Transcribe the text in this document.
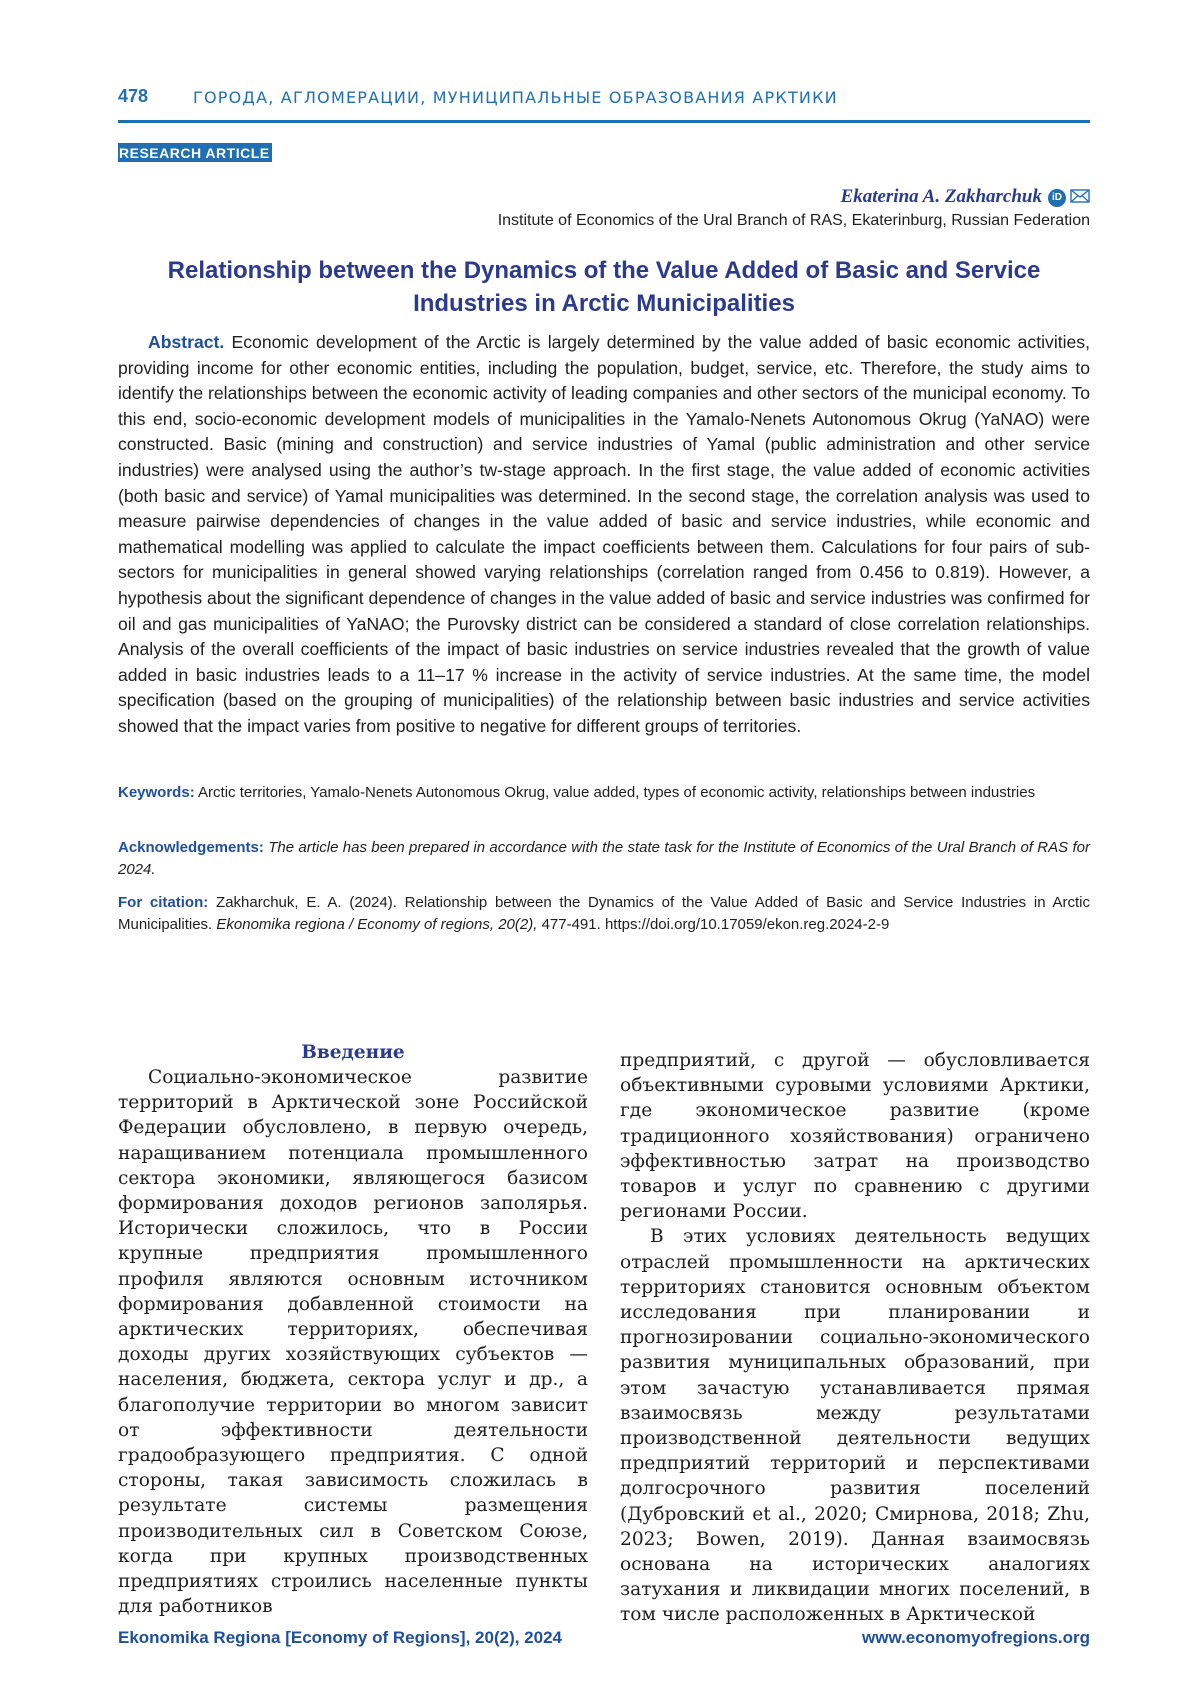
478	ГОРОДА, АГЛОМЕРАЦИИ, МУНИЦИПАЛЬНЫЕ ОБРАЗОВАНИЯ АРКТИКИ
RESEARCH ARTICLE
Ekaterina A. Zakharchuk iD
Institute of Economics of the Ural Branch of RAS, Ekaterinburg, Russian Federation
Relationship between the Dynamics of the Value Added of Basic and Service Industries in Arctic Municipalities

Abstract. Economic development of the Arctic is largely determined by the value added of basic economic activities, providing income for other economic entities, including the population, budget, service, etc. Therefore, the study aims to identify the relationships between the economic activity of leading companies and other sectors of the municipal economy. To this end, socio-economic development models of municipalities in the Yamalo-Nenets Autonomous Okrug (YaNAO) were constructed. Basic (mining and construction) and service industries of Yamal (public administration and other service industries) were analysed using the author’s tw-stage approach. In the first stage, the value added of economic activities (both basic and service) of Yamal municipalities was determined. In the second stage, the correlation analysis was used to measure pairwise dependencies of changes in the value added of basic and service industries, while economic and mathematical modelling was applied to calculate the impact coefficients between them. Calculations for four pairs of sub-sectors for municipalities in general showed varying relationships (correlation ranged from 0.456 to 0.819). However, a hypothesis about the significant dependence of changes in the value added of basic and service industries was confirmed for oil and gas municipalities of YaNAO; the Purovsky district can be considered a standard of close correlation relationships. Analysis of the overall coefficients of the impact of basic industries on service industries revealed that the growth of value added in basic industries leads to a 11–17 % increase in the activity of service industries. At the same time, the model specification (based on the grouping of municipalities) of the relationship between basic industries and service activities showed that the impact varies from positive to negative for different groups of territories.

Keywords: Arctic territories, Yamalo-Nenets Autonomous Okrug, value added, types of economic activity, relationships between industries
Acknowledgements: The article has been prepared in accordance with the state task for the Institute of Economics of the Ural Branch of RAS for 2024.
For citation: Zakharchuk, E. A. (2024). Relationship between the Dynamics of the Value Added of Basic and Service Industries in Arctic Municipalities. Ekonomika regiona / Economy of regions, 20(2), 477-491. https://doi.org/10.17059/ekon.reg.2024-2-9
Введение

Социально-экономическое развитие территорий в Арктической зоне Российской Федерации обусловлено, в первую очередь, наращиванием потенциала промышленного сектора экономики, являющегося базисом формирования доходов регионов заполярья. Исторически сложилось, что в России крупные предприятия промышленного профиля являются основным источником формирования добавленной стоимости на арктических территориях, обеспечивая доходы других хозяйствующих субъектов — населения, бюджета, сектора услуг и др., а благополучие территории во многом зависит от эффективности деятельности градообразующего предприятия. С одной стороны, такая зависимость сложилась в результате системы размещения производительных сил в Советском Союзе, когда при крупных производственных предприятиях строились населенные пункты для работников

предприятий, с другой — обусловливается объективными суровыми условиями Арктики, где экономическое развитие (кроме традиционного хозяйствования) ограничено эффективностью затрат на производство товаров и услуг по сравнению с другими регионами России.

В этих условиях деятельность ведущих отраслей промышленности на арктических территориях становится основным объектом исследования при планировании и прогнозировании социально-экономического развития муниципальных образований, при этом зачастую устанавливается прямая взаимосвязь между результатами производственной деятельности ведущих предприятий территорий и перспективами долгосрочного развития поселений (Дубровский et al., 2020; Смирнова, 2018; Zhu, 2023; Bowen, 2019). Данная взаимосвязь основана на исторических аналогиях затухания и ликвидации многих поселений, в том числе расположенных в Арктической

Ekonomika Regiona [Economy of Regions], 20(2), 2024	www.economyofregions.org
